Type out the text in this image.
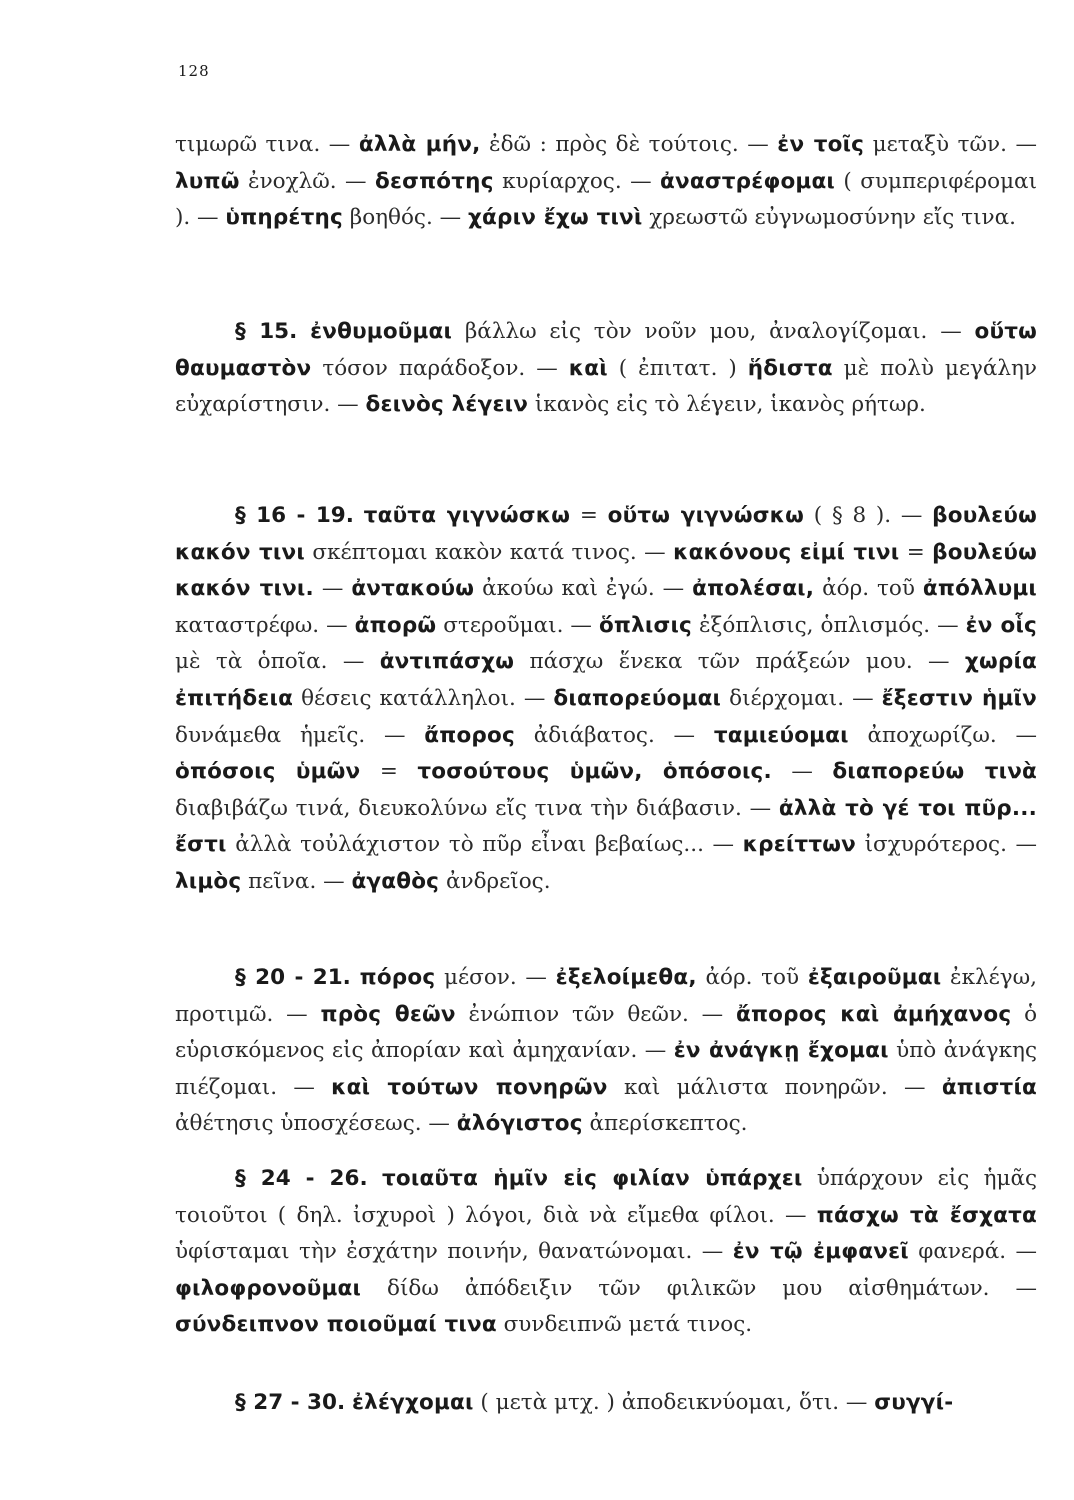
128

τιμωρῶ τινα. — ἀλλὰ μήν, ἐδῶ : πρὸς δὲ τούτοις. — ἐν τοῖς μεταξὺ τῶν. — λυπῶ ἐνοχλῶ. — δεσπότης κυρίαρχος. — ἀναστρέφομαι ( συμπεριφέρομαι ). — ὑπηρέτης βοηθός. — χάριν ἔχω τινὶ χρεωστῶ εὐγνωμοσύνην εἴς τινα.

§ 15. ἐνθυμοῦμαι βάλλω εἰς τὸν νοῦν μου, ἀναλογίζομαι. — οὕτω θαυμαστὸν τόσον παράδοξον. — καὶ ( ἐπιτατ. ) ἥδιστα μὲ πολὺ μεγάλην εὐχαρίστησιν. — δεινὸς λέγειν ἱκανὸς εἰς τὸ λέγειν, ἱκανὸς ρήτωρ.

§ 16 - 19. ταῦτα γιγνώσκω = οὕτω γιγνώσκω ( § 8 ). — βουλεύω κακόν τινι σκέπτομαι κακὸν κατά τινος. — κακόνους εἰμί τινι = βουλεύω κακόν τινι. — ἀντακούω ἀκούω καὶ ἐγώ. — ἀπολέσαι, ἀόρ. τοῦ ἀπόλλυμι καταστρέφω. — ἀπορῶ στεροῦμαι. — ὅπλισις ἐξόπλισις, ὁπλισμός. — ἐν οἷς μὲ τὰ ὁποῖα. — ἀντιπάσχω πάσχω ἕνεκα τῶν πράξεών μου. — χωρία ἐπιτήδεια θέσεις κατάλληλοι. — διαπορεύομαι διέρχομαι. — ἔξεστιν ἡμῖν δυνάμεθα ἡμεῖς. — ἄπορος ἀδιάβατος. — ταμιεύομαι ἀποχωρίζω. — ὁπόσοις ὑμῶν = τοσούτους ὑμῶν, ὁπόσοις. — διαπορεύω τινὰ διαβιβάζω τινά, διευκολύνω εἴς τινα τὴν διάβασιν. — ἀλλὰ τὸ γέ τοι πῦρ... ἔστι ἀλλὰ τοὐλάχιστον τὸ πῦρ εἶναι βεβαίως... — κρείττων ἰσχυρότερος. — λιμὸς πεῖνα. — ἀγαθὸς ἀνδρεῖος.

§ 20 - 21. πόρος μέσον. — ἐξελοίμεθα, ἀόρ. τοῦ ἐξαιροῦμαι ἐκλέγω, προτιμῶ. — πρὸς θεῶν ἐνώπιον τῶν θεῶν. — ἄπορος καὶ ἀμήχανος ὁ εὑρισκόμενος εἰς ἀπορίαν καὶ ἀμηχανίαν. — ἐν ἀνάγκῃ ἔχομαι ὑπὸ ἀνάγκης πιέζομαι. — καὶ τούτων πονηρῶν καὶ μάλιστα πονηρῶν. — ἀπιστία ἀθέτησις ὑποσχέσεως. — ἀλόγιστος ἀπερίσκεπτος.

§ 24 - 26. τοιαῦτα ἡμῖν εἰς φιλίαν ὑπάρχει ὑπάρχουν εἰς ἡμᾶς τοιοῦτοι ( δηλ. ἰσχυροὶ ) λόγοι, διὰ νὰ εἴμεθα φίλοι. — πάσχω τὰ ἔσχατα ὑφίσταμαι τὴν ἐσχάτην ποινήν, θανατώνομαι. — ἐν τῷ ἐμφανεῖ φανερά. — φιλοφρονοῦμαι δίδω ἀπόδειξιν τῶν φιλικῶν μου αἰσθημάτων. — σύνδειπνον ποιοῦμαί τινα συνδειπνῶ μετά τινος.

§ 27 - 30. ἐλέγχομαι ( μετὰ μτχ. ) ἀποδεικνύομαι, ὅτι. — συγγί-
